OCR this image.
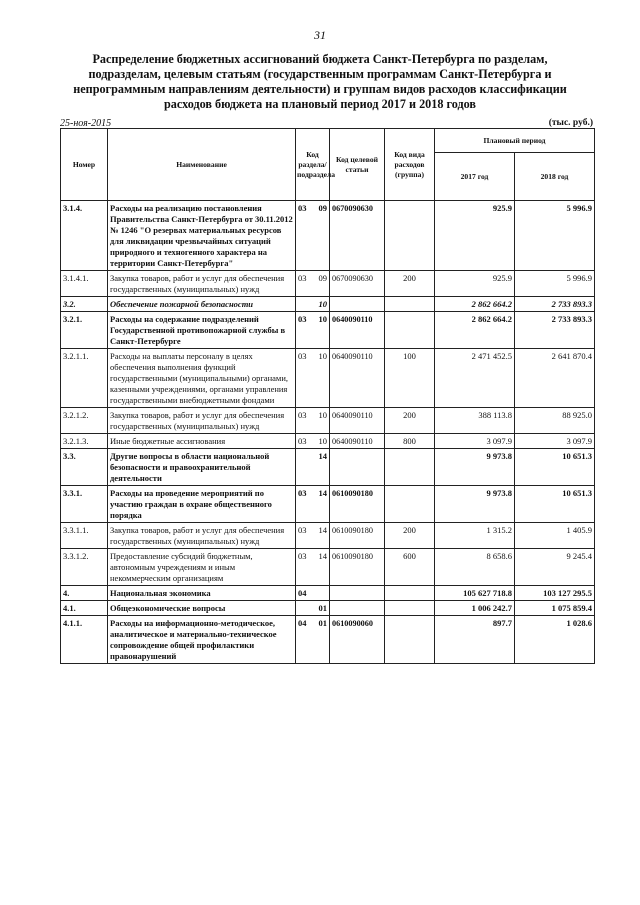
31
Распределение бюджетных ассигнований бюджета Санкт-Петербурга по разделам, подразделам, целевым статьям (государственным программам Санкт-Петербурга и непрограммным направлениям деятельности) и группам видов расходов классификации расходов бюджета на плановый период 2017 и 2018 годов
25-ноя-2015	(тыс. руб.)
Номер	Наименование	Код раздела/ подраздела		Код целевой статьи	Код вида расходов (группа)	Плановый период	
						2017 год	2018 год
3.1.4.	Расходы на реализацию постановления Правительства Санкт-Петербурга от 30.11.2012 № 1246 "О резервах материальных ресурсов для ликвидации чрезвычайных ситуаций природного и техногенного характера на территории Санкт-Петербурга"	03	09	0670090630		925.9	5 996.9
3.1.4.1.	Закупка товаров, работ и услуг для обеспечения государственных (муниципальных) нужд	03	09	0670090630	200	925.9	5 996.9
3.2.	Обеспечение пожарной безопасности		10			2 862 664.2	2 733 893.3
3.2.1.	Расходы на содержание подразделений Государственной противопожарной службы в Санкт-Петербурге	03	10	0640090110		2 862 664.2	2 733 893.3
3.2.1.1.	Расходы на выплаты персоналу в целях обеспечения выполнения функций государственными (муниципальными) органами, казенными учреждениями, органами управления государственными внебюджетными фондами	03	10	0640090110	100	2 471 452.5	2 641 870.4
3.2.1.2.	Закупка товаров, работ и услуг для обеспечения государственных (муниципальных) нужд	03	10	0640090110	200	388 113.8	88 925.0
3.2.1.3.	Иные бюджетные ассигнования	03	10	0640090110	800	3 097.9	3 097.9
3.3.	Другие вопросы в области национальной безопасности и правоохранительной деятельности		14			9 973.8	10 651.3
3.3.1.	Расходы на проведение мероприятий по участию граждан в охране общественного порядка	03	14	0610090180		9 973.8	10 651.3
3.3.1.1.	Закупка товаров, работ и услуг для обеспечения государственных (муниципальных) нужд	03	14	0610090180	200	1 315.2	1 405.9
3.3.1.2.	Предоставление субсидий бюджетным, автономным учреждениям и иным некоммерческим организациям	03	14	0610090180	600	8 658.6	9 245.4
4.	Национальная экономика	04				105 627 718.8	103 127 295.5
4.1.	Общеэкономические вопросы		01			1 006 242.7	1 075 859.4
4.1.1.	Расходы на информационно-методическое, аналитическое и материально-техническое сопровождение общей профилактики правонарушений	04	01	0610090060		897.7	1 028.6
